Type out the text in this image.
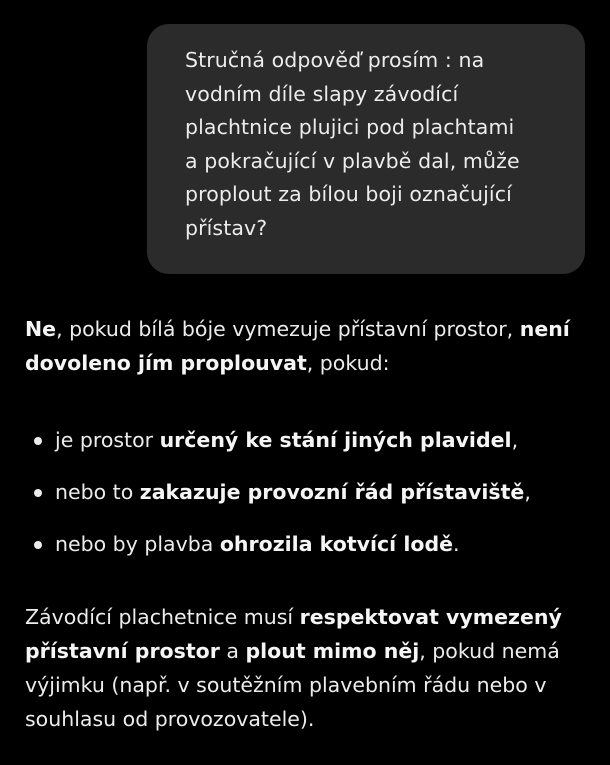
Stručná odpověď prosím : na
vodním díle slapy závodící
plachtnice plujici pod plachtami
a pokračující v plavbě dal, může
proplout za bílou boji označující
přístav?

Ne, pokud bílá bóje vymezuje přístavní prostor, není dovoleno jím proplouvat, pokud:

je prostor určený ke stání jiných plavidel,
nebo to zakazuje provozní řád přístaviště,
nebo by plavba ohrozila kotvící lodě.

Závodící plachetnice musí respektovat vymezený přístavní prostor a plout mimo něj, pokud nemá výjimku (např. v soutěžním plavebním řádu nebo v souhlasu od provozovatele).
